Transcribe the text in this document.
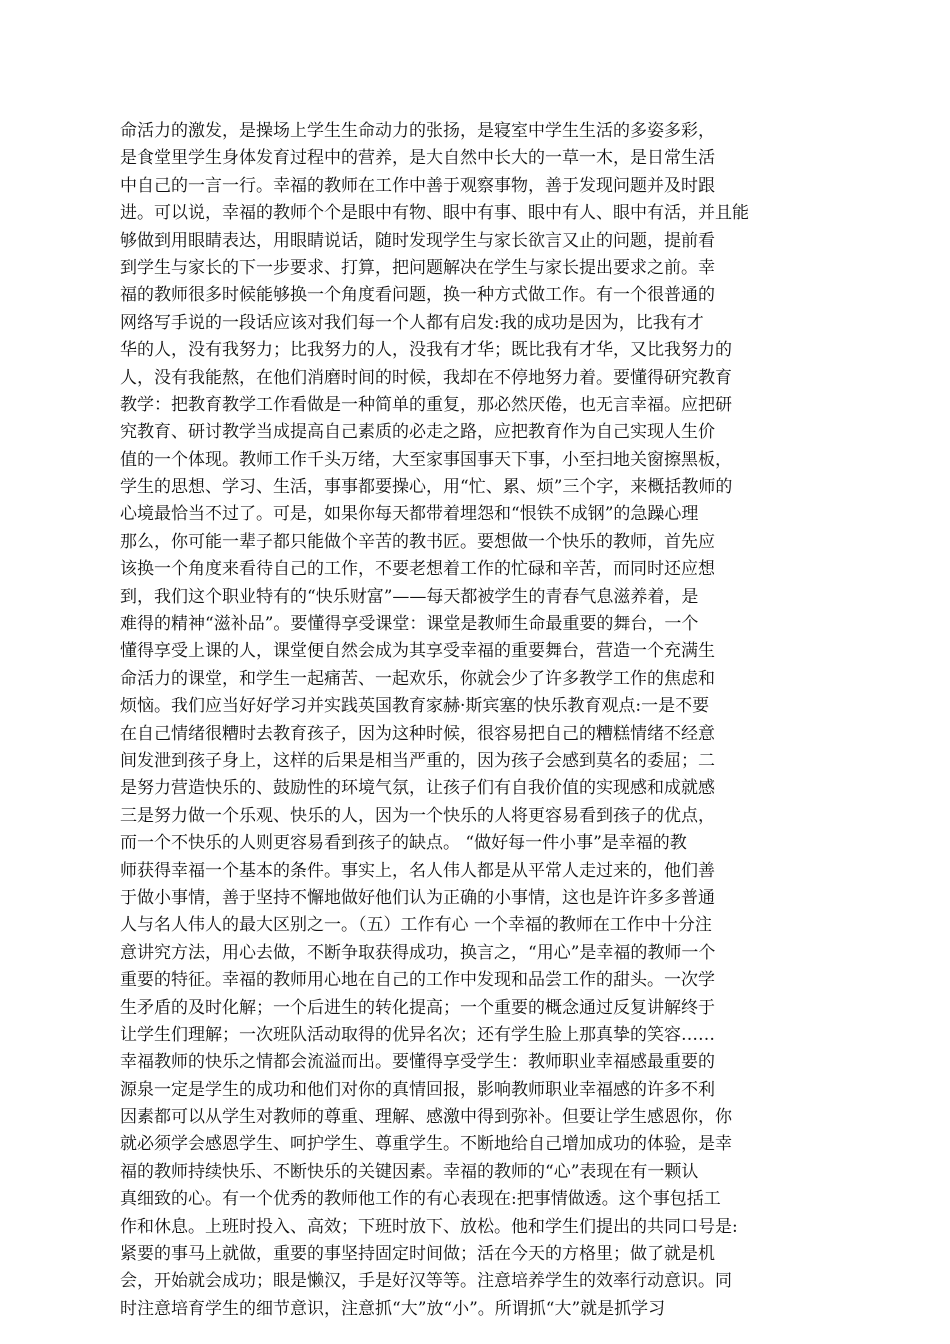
命活力的激发，是操场上学生生命动力的张扬，是寝室中学生生活的多姿多彩，
是食堂里学生身体发育过程中的营养，是大自然中长大的一草一木，是日常生活
中自己的一言一行。幸福的教师在工作中善于观察事物，善于发现问题并及时跟
进。可以说，幸福的教师个个是眼中有物、眼中有事、眼中有人、眼中有活，并且能
够做到用眼睛表达，用眼睛说话，随时发现学生与家长欲言又止的问题，提前看
到学生与家长的下一步要求、打算，把问题解决在学生与家长提出要求之前。幸
福的教师很多时候能够换一个角度看问题，换一种方式做工作。有一个很普通的
网络写手说的一段话应该对我们每一个人都有启发:我的成功是因为，比我有才
华的人，没有我努力；比我努力的人，没我有才华；既比我有才华，又比我努力的
人，没有我能熬，在他们消磨时间的时候，我却在不停地努力着。要懂得研究教育
教学：把教育教学工作看做是一种简单的重复，那必然厌倦，也无言幸福。应把研
究教育、研讨教学当成提高自己素质的必走之路，应把教育作为自己实现人生价
值的一个体现。教师工作千头万绪，大至家事国事天下事，小至扫地关窗擦黑板，
学生的思想、学习、生活，事事都要操心，用“忙、累、烦”三个字，来概括教师的
心境最恰当不过了。可是，如果你每天都带着埋怨和“恨铁不成钢”的急躁心理
那么，你可能一辈子都只能做个辛苦的教书匠。要想做一个快乐的教师，首先应
该换一个角度来看待自己的工作，不要老想着工作的忙碌和辛苦，而同时还应想
到，我们这个职业特有的“快乐财富”——每天都被学生的青春气息滋养着，是
难得的精神“滋补品”。要懂得享受课堂：课堂是教师生命最重要的舞台，一个
懂得享受上课的人，课堂便自然会成为其享受幸福的重要舞台，营造一个充满生
命活力的课堂，和学生一起痛苦、一起欢乐，你就会少了许多教学工作的焦虑和
烦恼。我们应当好好学习并实践英国教育家赫·斯宾塞的快乐教育观点:一是不要
在自己情绪很糟时去教育孩子，因为这种时候，很容易把自己的糟糕情绪不经意
间发泄到孩子身上，这样的后果是相当严重的，因为孩子会感到莫名的委屈；二
是努力营造快乐的、鼓励性的环境气氛，让孩子们有自我价值的实现感和成就感
三是努力做一个乐观、快乐的人，因为一个快乐的人将更容易看到孩子的优点，
而一个不快乐的人则更容易看到孩子的缺点。 “做好每一件小事”是幸福的教
师获得幸福一个基本的条件。事实上，名人伟人都是从平常人走过来的，他们善
于做小事情，善于坚持不懈地做好他们认为正确的小事情，这也是许许多多普通
人与名人伟人的最大区别之一。（五）工作有心 一个幸福的教师在工作中十分注
意讲究方法，用心去做，不断争取获得成功，换言之，“用心”是幸福的教师一个
重要的特征。幸福的教师用心地在自己的工作中发现和品尝工作的甜头。一次学
生矛盾的及时化解；一个后进生的转化提高；一个重要的概念通过反复讲解终于
让学生们理解；一次班队活动取得的优异名次；还有学生脸上那真挚的笑容……
幸福教师的快乐之情都会流溢而出。要懂得享受学生：教师职业幸福感最重要的
源泉一定是学生的成功和他们对你的真情回报，影响教师职业幸福感的许多不利
因素都可以从学生对教师的尊重、理解、感激中得到弥补。但要让学生感恩你，你
就必须学会感恩学生、呵护学生、尊重学生。不断地给自己增加成功的体验，是幸
福的教师持续快乐、不断快乐的关键因素。幸福的教师的“心”表现在有一颗认
真细致的心。有一个优秀的教师他工作的有心表现在:把事情做透。这个事包括工
作和休息。上班时投入、高效；下班时放下、放松。他和学生们提出的共同口号是:
紧要的事马上就做，重要的事坚持固定时间做；活在今天的方格里；做了就是机
会，开始就会成功；眼是懒汉，手是好汉等等。注意培养学生的效率行动意识。同
时注意培育学生的细节意识，注意抓“大”放“小”。所谓抓“大”就是抓学习
